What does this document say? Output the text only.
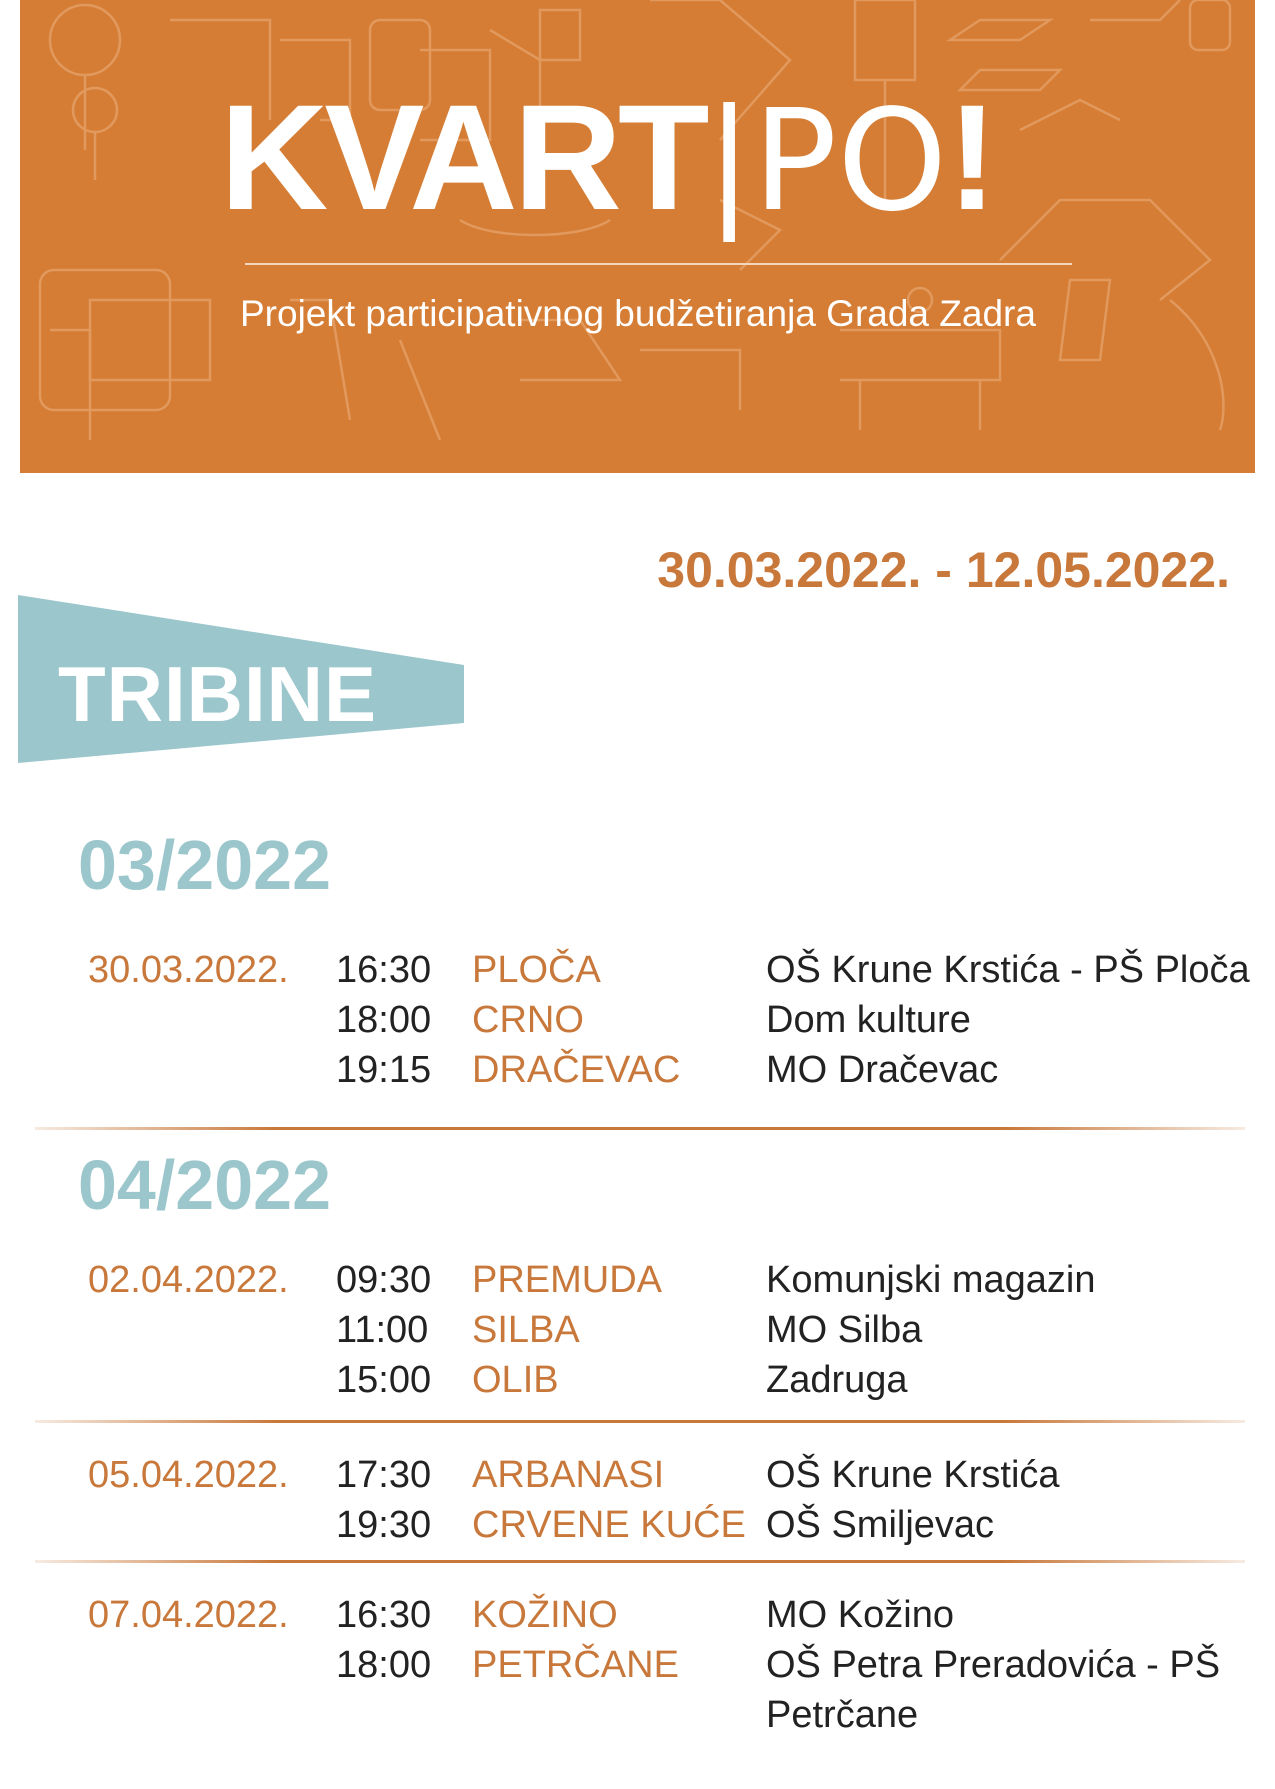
KVART|PO!
Projekt participativnog budžetiranja Grada Zadra
30.03.2022. - 12.05.2022.
TRIBINE
03/2022
30.03.2022. 16:30 PLOČA	OŠ Krune Krstića - PŠ Ploča
18:00 CRNO	Dom kulture
19:15 DRAČEVAC MO Dračevac
04/2022
02.04.2022. 09:30 PREMUDA	Komunjski magazin
11:00 SILBA	MO Silba
15:00 OLIB	Zadruga
05.04.2022. 17:30 ARBANASI	OŠ Krune Krstića
19:30 CRVENE KUĆE OŠ Smiljevac
07.04.2022. 16:30 KOŽINO	MO Kožino
18:00 PETRČANE OŠ Petra Preradovića - PŠ
Petrčane
